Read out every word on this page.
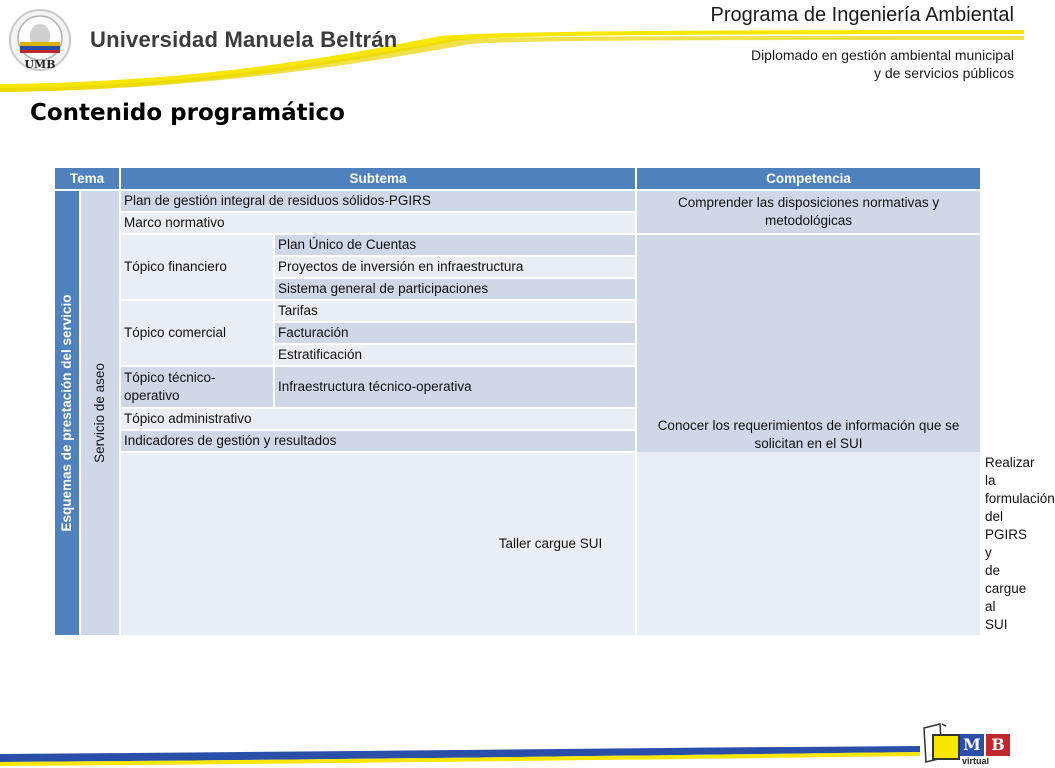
UMB
Universidad Manuela Beltrán
Programa de Ingeniería Ambiental
Diplomado en gestión ambiental municipal
y de servicios públicos
Contenido programático
Tema		Subtema		Competencia	

Esquemas de prestación del servicio	Servicio de aseo	Plan de gestión integral de residuos sólidos-PGIRS		Comprender las disposiciones normativas y metodológicas	
		Marco normativo			
		Tópico financiero	Plan Único de Cuentas	Conocer los requerimientos de información que se solicitan en el SUI	
			Proyectos de inversión en infraestructura		
			Sistema general de participaciones		
		Tópico comercial	Tarifas		
			Facturación		
			Estratificación		
		Tópico técnico-operativo	Infraestructura técnico-operativa		
		Tópico administrativo			
		Indicadores de gestión y resultados			
		Taller cargue SUI			Realizar la formulación del PGIRS y de cargue al SUI
U M B
virtual
